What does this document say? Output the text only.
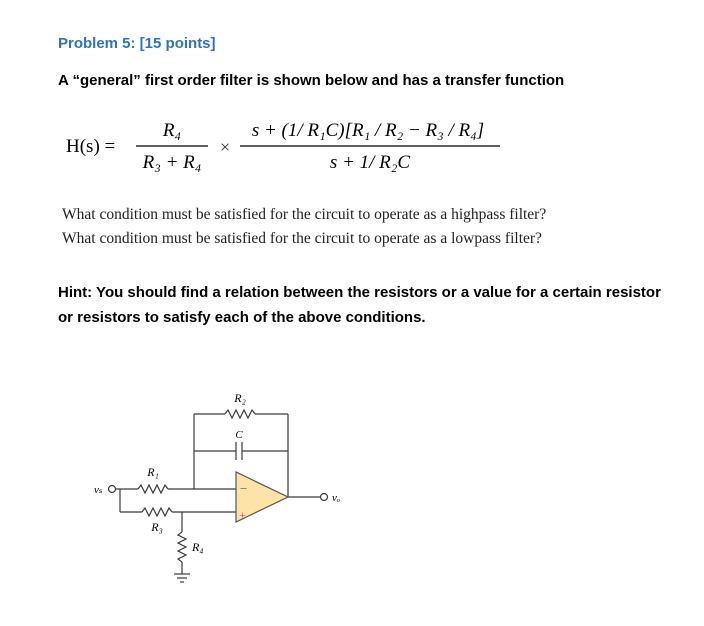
Problem 5: [15 points]
A “general” first order filter is shown below and has a transfer function
H(s) =
R₄
R₃ + R₄
×
s + (1/ R₁C)[R₁ / R₂ − R₃ / R₄]
s + 1/ R₂C
What condition must be satisfied for the circuit to operate as a highpass filter?
What condition must be satisfied for the circuit to operate as a lowpass filter?
Hint: You should find a relation between the resistors or a value for a certain resistor or resistors to satisfy each of the above conditions.
−
+
R₂
C
R₁
R₃
R₄
vₛ
vₒ
